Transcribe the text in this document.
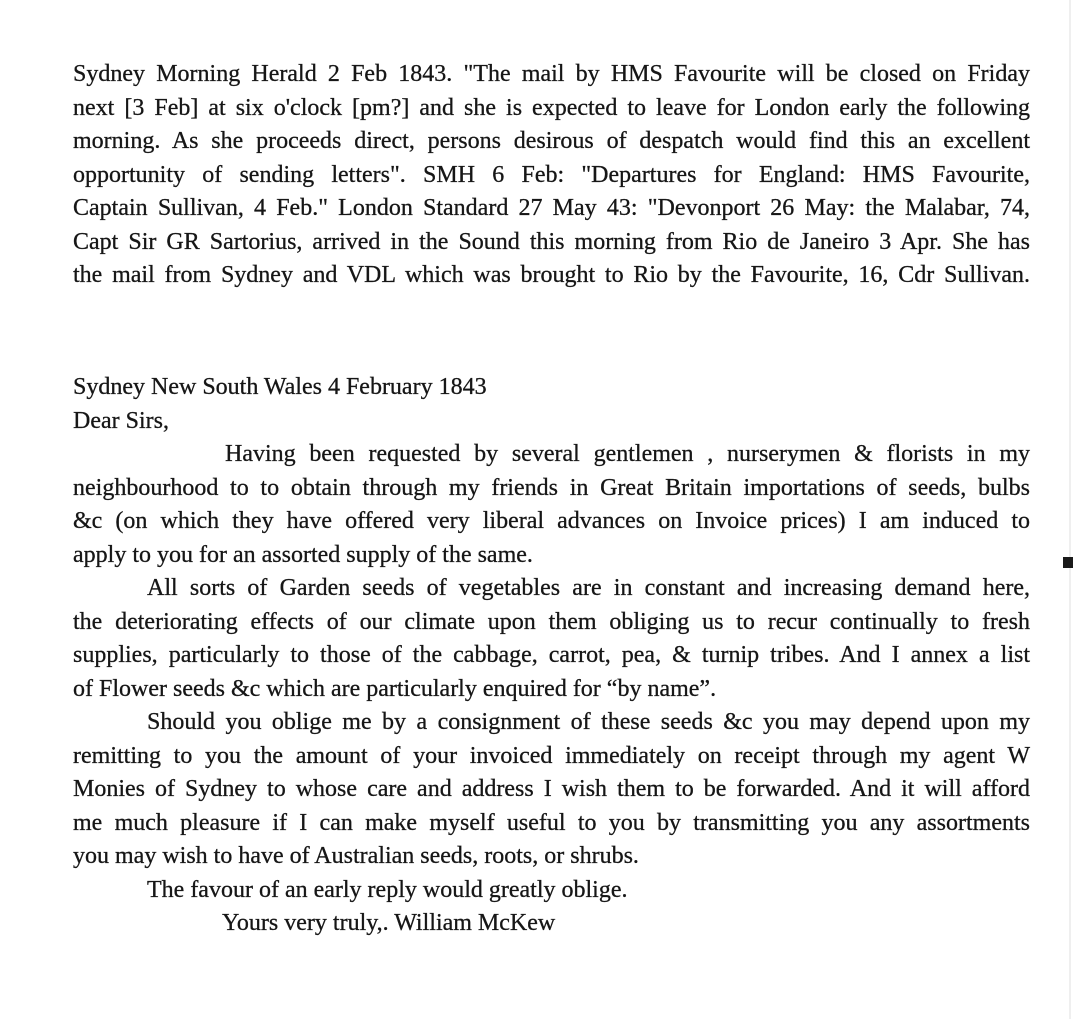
Sydney Morning Herald 2 Feb 1843. "The mail by HMS Favourite will be closed on Friday
next [3 Feb] at six o'clock [pm?] and she is expected to leave for London early the following
morning. As she proceeds direct, persons desirous of despatch would find this an excellent
opportunity of sending letters". SMH 6 Feb: "Departures for England: HMS Favourite,
Captain Sullivan, 4 Feb." London Standard 27 May 43: "Devonport 26 May: the Malabar, 74,
Capt Sir GR Sartorius, arrived in the Sound this morning from Rio de Janeiro 3 Apr. She has
the mail from Sydney and VDL which was brought to Rio by the Favourite, 16, Cdr Sullivan.
Sydney New South Wales 4 February 1843
Dear Sirs,
Having been requested by several gentlemen , nurserymen & florists in my
neighbourhood to to obtain through my friends in Great Britain importations of seeds, bulbs
&c (on which they have offered very liberal advances on Invoice prices) I am induced to
apply to you for an assorted supply of the same.
All sorts of Garden seeds of vegetables are in constant and increasing demand here,
the deteriorating effects of our climate upon them obliging us to recur continually to fresh
supplies, particularly to those of the cabbage, carrot, pea, & turnip tribes. And I annex a list
of Flower seeds &c which are particularly enquired for “by name”.
Should you oblige me by a consignment of these seeds &c you may depend upon my
remitting to you the amount of your invoiced immediately on receipt through my agent W
Monies of Sydney to whose care and address I wish them to be forwarded. And it will afford
me much pleasure if I can make myself useful to you by transmitting you any assortments
you may wish to have of Australian seeds, roots, or shrubs.
The favour of an early reply would greatly oblige.
Yours very truly,. William McKew
